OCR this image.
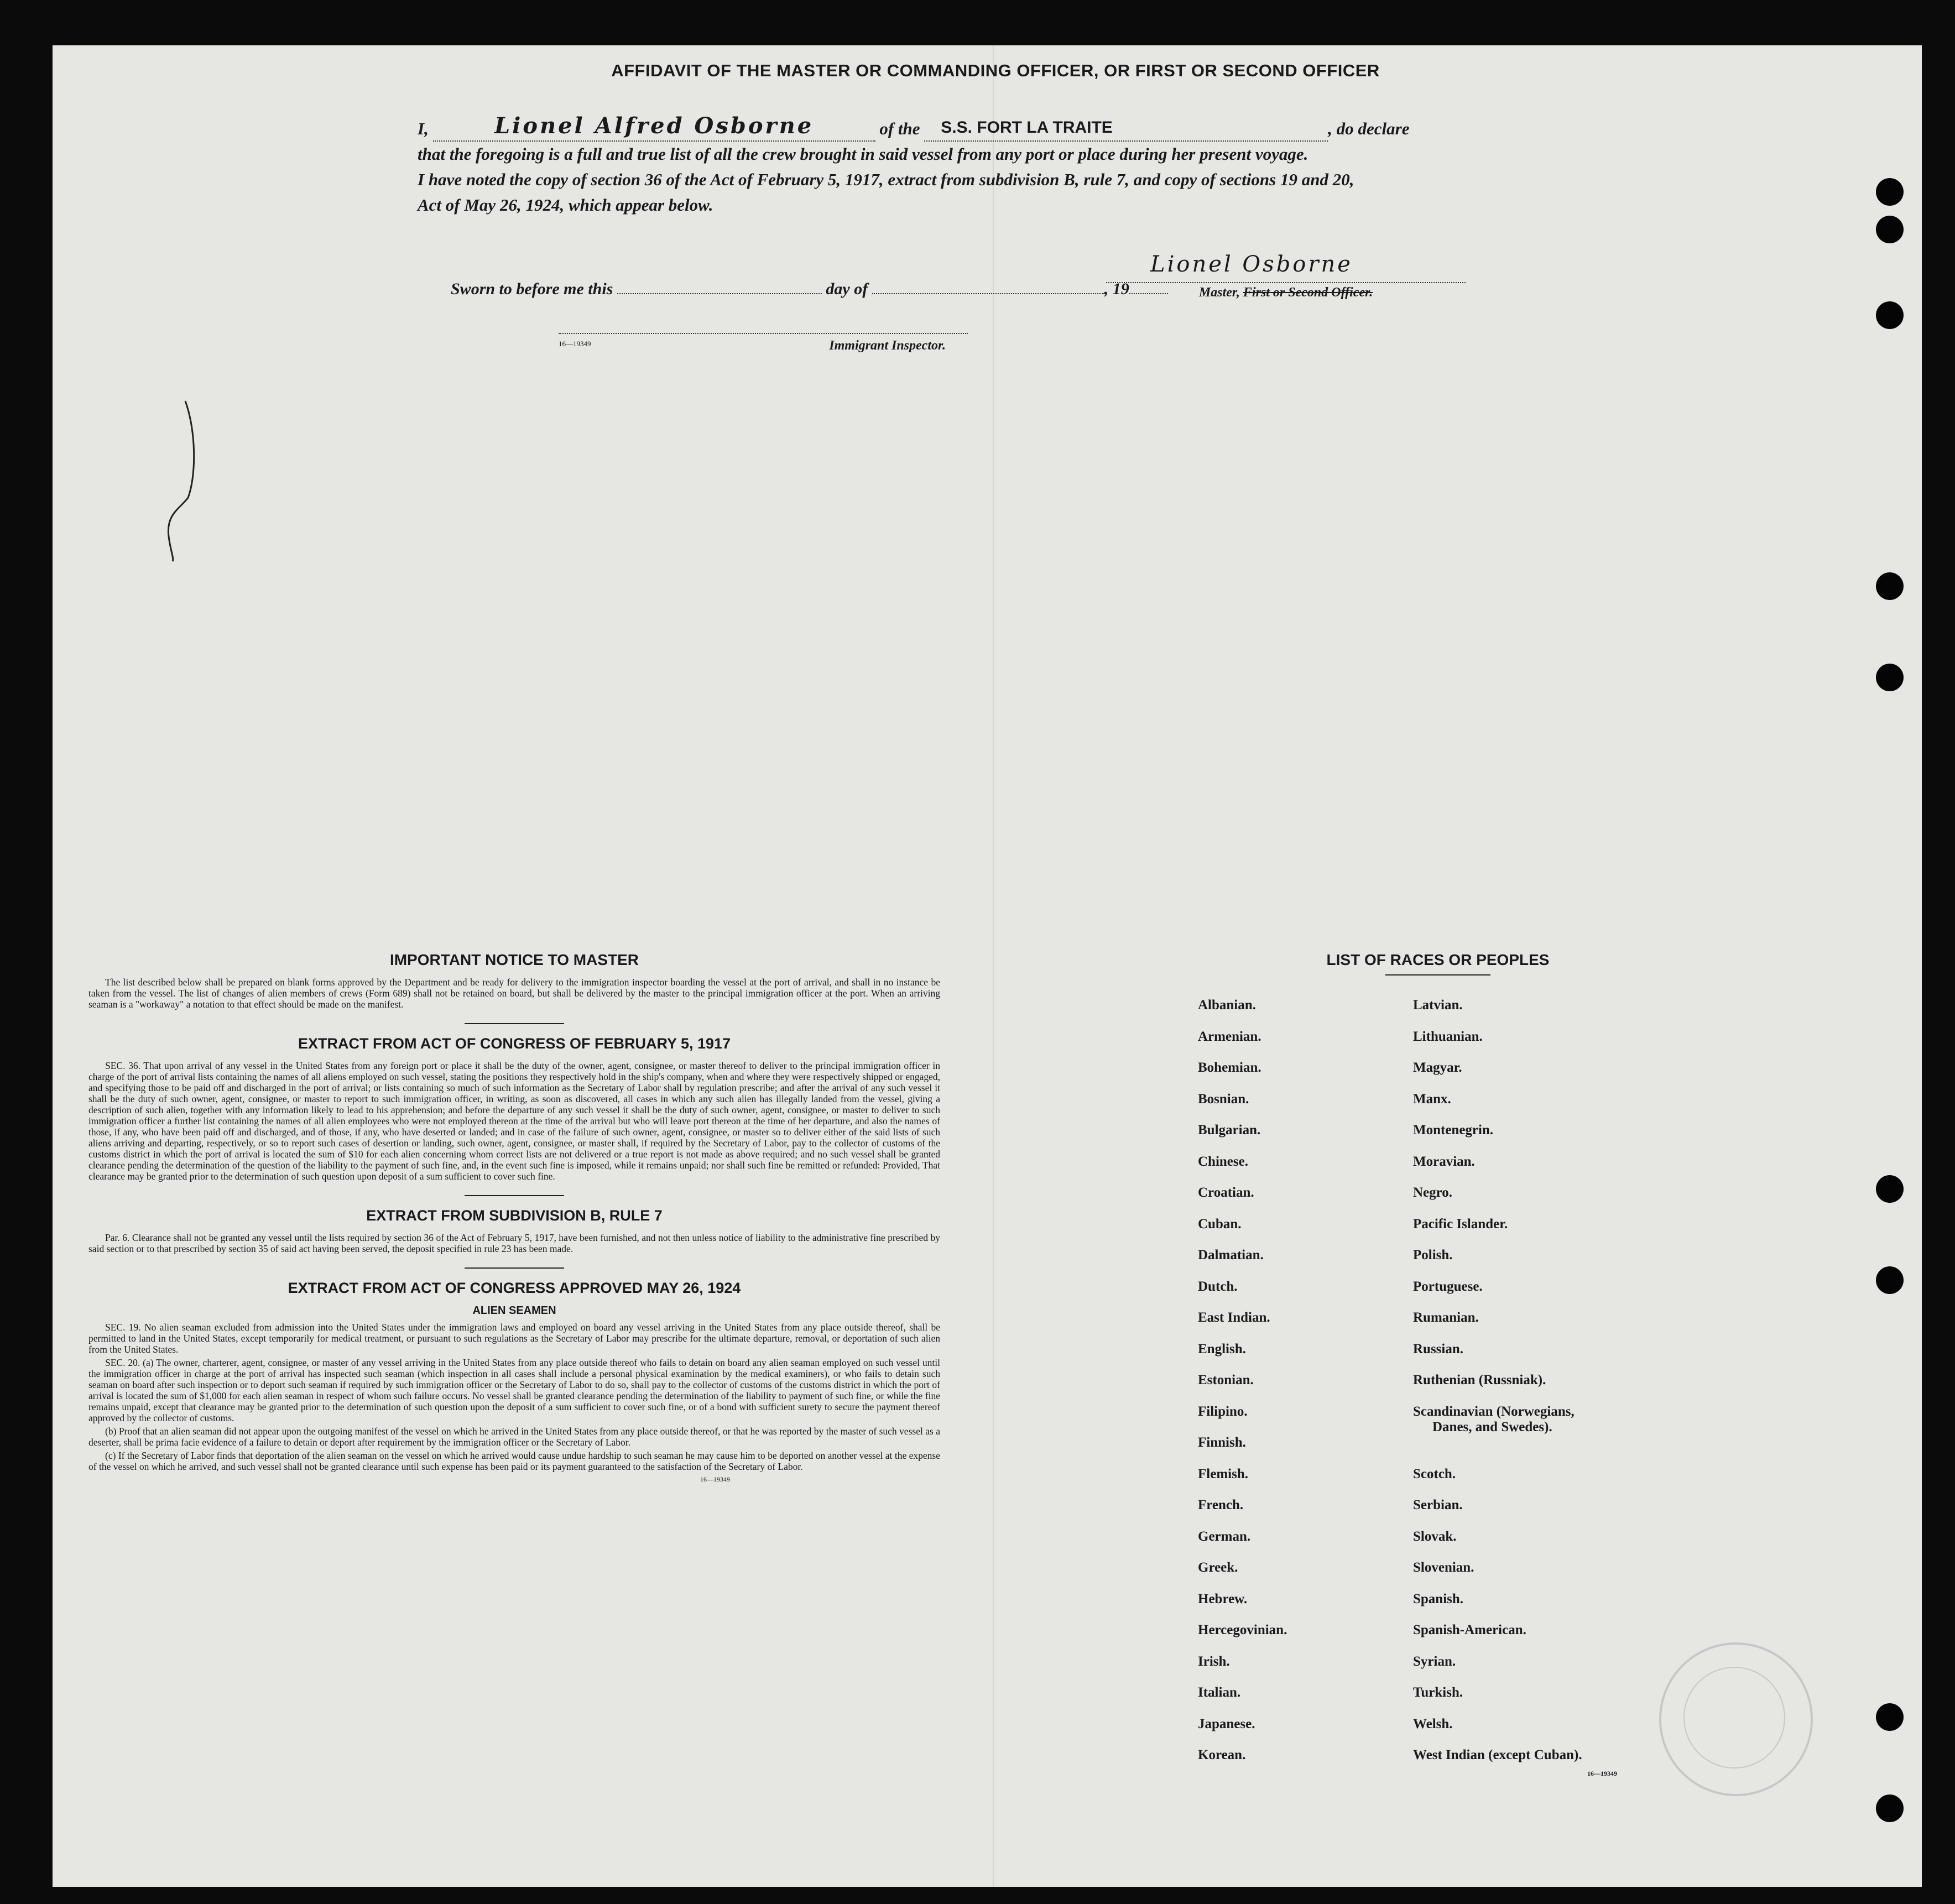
AFFIDAVIT OF THE MASTER OR COMMANDING OFFICER, OR FIRST OR SECOND OFFICER
I,	Lionel Alfred Osborne	of the S.S. FORT LA TRAITE	, do declare
that the foregoing is a full and true list of all the crew brought in said vessel from any port or place during her present voyage.
I have noted the copy of section 36 of the Act of February 5, 1917, extract from subdivision B, rule 7, and copy of sections 19 and 20,
Act of May 26, 1924, which appear below.
Lionel Osborne
Master, First or Second Officer.
Sworn to before me this	day of	, 19
16—19349	Immigrant Inspector.
IMPORTANT NOTICE TO MASTER
The list described below shall be prepared on blank forms approved by the Department and be ready for delivery to the immigration inspector boarding the vessel at the port of arrival, and shall in no instance be taken from the vessel. The list of changes of alien members of crews (Form 689) shall not be retained on board, but shall be delivered by the master to the principal immigration officer at the port. When an arriving seaman is a "workaway" a notation to that effect should be made on the manifest.
EXTRACT FROM ACT OF CONGRESS OF FEBRUARY 5, 1917
SEC. 36. That upon arrival of any vessel in the United States from any foreign port or place it shall be the duty of the owner, agent, consignee, or master thereof to deliver to the principal immigration officer in charge of the port of arrival lists containing the names of all aliens employed on such vessel, stating the positions they respectively hold in the ship's company, when and where they were respectively shipped or engaged, and specifying those to be paid off and discharged in the port of arrival; or lists containing so much of such information as the Secretary of Labor shall by regulation prescribe; and after the arrival of any such vessel it shall be the duty of such owner, agent, consignee, or master to report to such immigration officer, in writing, as soon as discovered, all cases in which any such alien has illegally landed from the vessel, giving a description of such alien, together with any information likely to lead to his apprehension; and before the departure of any such vessel it shall be the duty of such owner, agent, consignee, or master to deliver to such immigration officer a further list containing the names of all alien employees who were not employed thereon at the time of the arrival but who will leave port thereon at the time of her departure, and also the names of those, if any, who have been paid off and discharged, and of those, if any, who have deserted or landed; and in case of the failure of such owner, agent, consignee, or master so to deliver either of the said lists of such aliens arriving and departing, respectively, or so to report such cases of desertion or landing, such owner, agent, consignee, or master shall, if required by the Secretary of Labor, pay to the collector of customs of the customs district in which the port of arrival is located the sum of $10 for each alien concerning whom correct lists are not delivered or a true report is not made as above required; and no such vessel shall be granted clearance pending the determination of the question of the liability to the payment of such fine, and, in the event such fine is imposed, while it remains unpaid; nor shall such fine be remitted or refunded: Provided, That clearance may be granted prior to the determination of such question upon deposit of a sum sufficient to cover such fine.
EXTRACT FROM SUBDIVISION B, RULE 7
Par. 6. Clearance shall not be granted any vessel until the lists required by section 36 of the Act of February 5, 1917, have been furnished, and not then unless notice of liability to the administrative fine prescribed by said section or to that prescribed by section 35 of said act having been served, the deposit specified in rule 23 has been made.
EXTRACT FROM ACT OF CONGRESS APPROVED MAY 26, 1924
ALIEN SEAMEN
SEC. 19. No alien seaman excluded from admission into the United States under the immigration laws and employed on board any vessel arriving in the United States from any place outside thereof, shall be permitted to land in the United States, except temporarily for medical treatment, or pursuant to such regulations as the Secretary of Labor may prescribe for the ultimate departure, removal, or deportation of such alien from the United States.
SEC. 20. (a) The owner, charterer, agent, consignee, or master of any vessel arriving in the United States from any place outside thereof who fails to detain on board any alien seaman employed on such vessel until the immigration officer in charge at the port of arrival has inspected such seaman (which inspection in all cases shall include a personal physical examination by the medical examiners), or who fails to detain such seaman on board after such inspection or to deport such seaman if required by such immigration officer or the Secretary of Labor to do so, shall pay to the collector of customs of the customs district in which the port of arrival is located the sum of $1,000 for each alien seaman in respect of whom such failure occurs. No vessel shall be granted clearance pending the determination of the liability to payment of such fine, or while the fine remains unpaid, except that clearance may be granted prior to the determination of such question upon the deposit of a sum sufficient to cover such fine, or of a bond with sufficient surety to secure the payment thereof approved by the collector of customs.
(b) Proof that an alien seaman did not appear upon the outgoing manifest of the vessel on which he arrived in the United States from any place outside thereof, or that he was reported by the master of such vessel as a deserter, shall be prima facie evidence of a failure to detain or deport after requirement by the immigration officer or the Secretary of Labor.
(c) If the Secretary of Labor finds that deportation of the alien seaman on the vessel on which he arrived would cause undue hardship to such seaman he may cause him to be deported on another vessel at the expense of the vessel on which he arrived, and such vessel shall not be granted clearance until such expense has been paid or its payment guaranteed to the satisfaction of the Secretary of Labor.
16—19349
LIST OF RACES OR PEOPLES
Albanian.
Armenian.
Bohemian.
Bosnian.
Bulgarian.
Chinese.
Croatian.
Cuban.
Dalmatian.
Dutch.
East Indian.
English.
Estonian.
Filipino.
Finnish.
Flemish.
French.
German.
Greek.
Hebrew.
Hercegovinian.
Irish.
Italian.
Japanese.
Korean.
Latvian.
Lithuanian.
Magyar.
Manx.
Montenegrin.
Moravian.
Negro.
Pacific Islander.
Polish.
Portuguese.
Rumanian.
Russian.
Ruthenian (Russniak).
Scandinavian (Norwegians,
Danes, and Swedes).
Scotch.
Serbian.
Slovak.
Slovenian.
Spanish.
Spanish-American.
Syrian.
Turkish.
Welsh.
West Indian (except Cuban).
16—19349
